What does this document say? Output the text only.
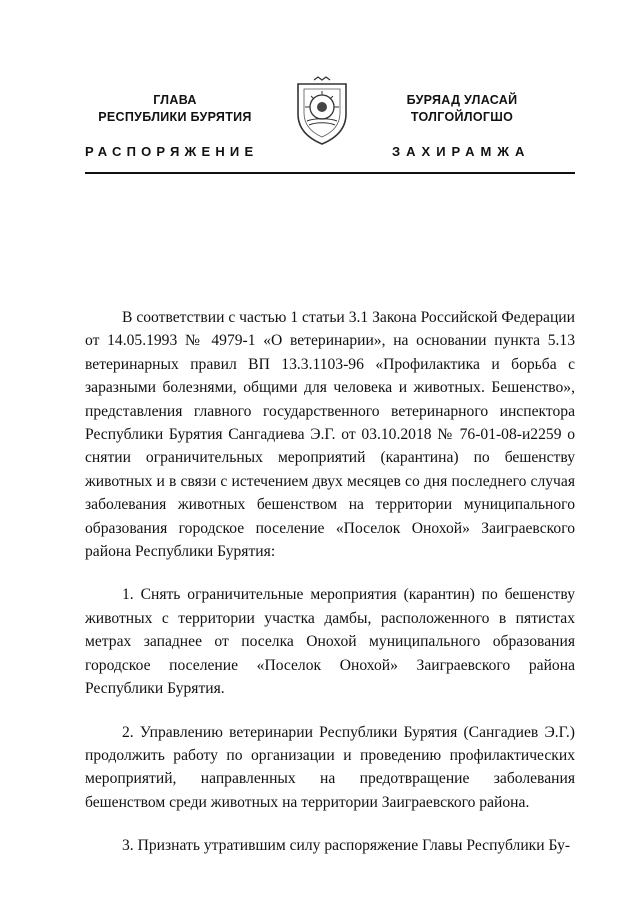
ГЛАВА
РЕСПУБЛИКИ БУРЯТИЯ
БУРЯАД УЛАСАЙ
ТОЛГОЙЛОГШО
РАСПОРЯЖЕНИЕ	ЗАХИРАМЖА

В соответствии с частью 1 статьи 3.1 Закона Российской Федерации от 14.05.1993 № 4979-1 «О ветеринарии», на основании пункта 5.13 ветеринарных правил ВП 13.3.1103-96 «Профилактика и борьба с заразными болезнями, общими для человека и животных. Бешенство», представления главного государственного ветеринарного инспектора Республики Бурятия Сангадиева Э.Г. от 03.10.2018 № 76-01-08-и2259 о снятии ограничительных мероприятий (карантина) по бешенству животных и в связи с истечением двух месяцев со дня последнего случая заболевания животных бешенством на территории муниципального образования городское поселение «Поселок Онохой» Заиграевского района Республики Бурятия:

1. Снять ограничительные мероприятия (карантин) по бешенству животных с территории участка дамбы, расположенного в пятистах метрах западнее от поселка Онохой муниципального образования городское поселение «Поселок Онохой» Заиграевского района Республики Бурятия.

2. Управлению ветеринарии Республики Бурятия (Сангадиев Э.Г.) продолжить работу по организации и проведению профилактических мероприятий, направленных на предотвращение заболевания бешенством среди животных на территории Заиграевского района.

3. Признать утратившим силу распоряжение Главы Республики Бу-
